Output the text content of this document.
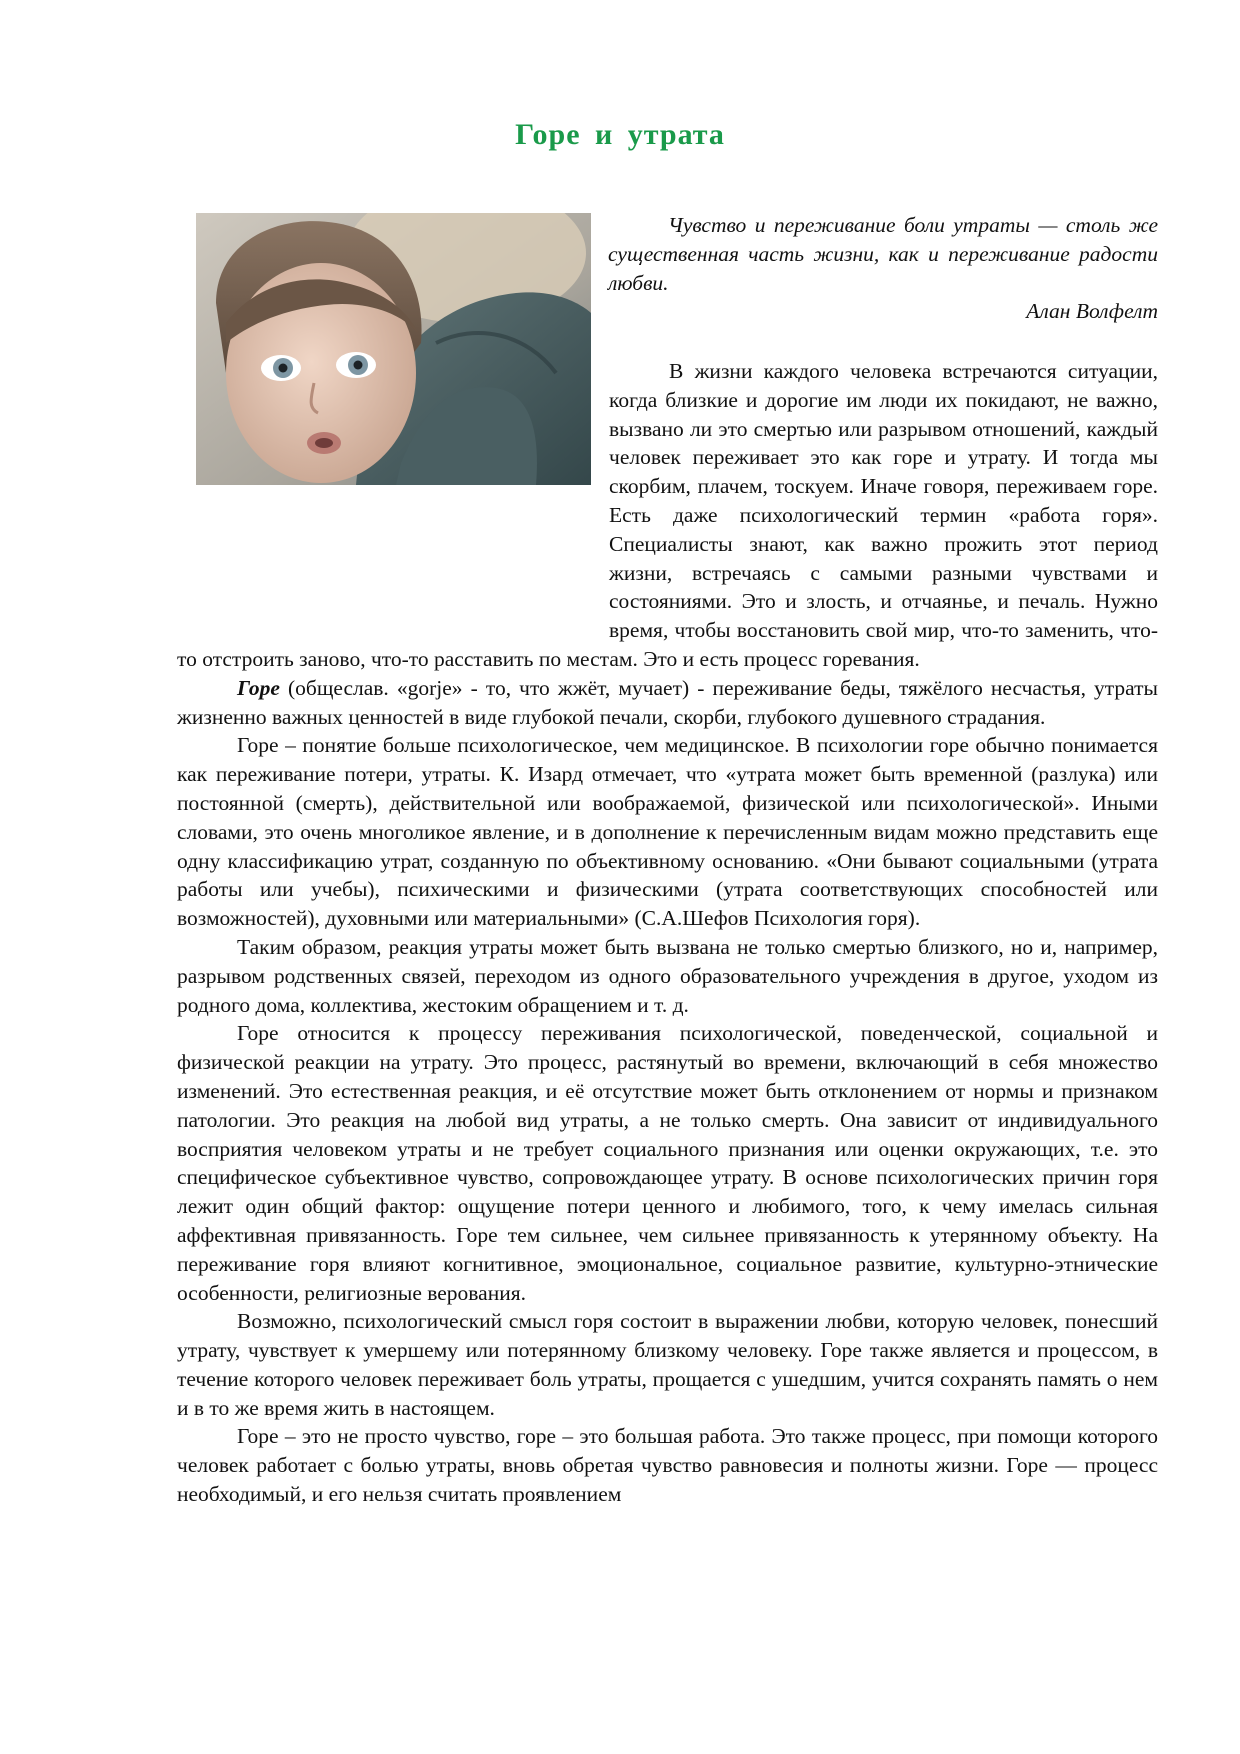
Горе и утрата
Чувство и переживание боли утраты — столь же существенная часть жизни, как и переживание радости любви.
Алан Волфелт

В жизни каждого человека встречаются ситуации, когда близкие и дорогие им люди их покидают, не важно, вызвано ли это смертью или разрывом отношений, каждый человек переживает это как горе и утрату. И тогда мы скорбим, плачем, тоскуем. Иначе говоря, переживаем горе. Есть даже психологический термин «работа горя». Специалисты знают, как важно прожить этот период жизни, встречаясь с самыми разными чувствами и состояниями. Это и злость, и отчаянье, и печаль. Нужно время, чтобы восстановить свой мир, что-то заменить, что-то отстроить заново, что-то расставить по местам. Это и есть процесс горевания.

Горе (общеслав. «gorje» - то, что жжёт, мучает) - переживание беды, тяжёлого несчастья, утраты жизненно важных ценностей в виде глубокой печали, скорби, глубокого душевного страдания.

Горе – понятие больше психологическое, чем медицинское. В психологии горе обычно понимается как переживание потери, утраты. К. Изард отмечает, что «утрата может быть временной (разлука) или постоянной (смерть), действительной или воображаемой, физической или психологической». Иными словами, это очень многоликое явление, и в дополнение к перечисленным видам можно представить еще одну классификацию утрат, созданную по объективному основанию. «Они бывают социальными (утрата работы или учебы), психическими и физическими (утрата соответствующих способностей или возможностей), духовными или материальными» (С.А.Шефов Психология горя).

Таким образом, реакция утраты может быть вызвана не только смертью близкого, но и, например, разрывом родственных связей, переходом из одного образовательного учреждения в другое, уходом из родного дома, коллектива, жестоким обращением и т. д.

Горе относится к процессу переживания психологической, поведенческой, социальной и физической реакции на утрату. Это процесс, растянутый во времени, включающий в себя множество изменений. Это естественная реакция, и её отсутствие может быть отклонением от нормы и признаком патологии. Это реакция на любой вид утраты, а не только смерть. Она зависит от индивидуального восприятия человеком утраты и не требует социального признания или оценки окружающих, т.е. это специфическое субъективное чувство, сопровождающее утрату. В основе психологических причин горя лежит один общий фактор: ощущение потери ценного и любимого, того, к чему имелась сильная аффективная привязанность. Горе тем сильнее, чем сильнее привязанность к утерянному объекту. На переживание горя влияют когнитивное, эмоциональное, социальное развитие, культурно-этнические особенности, религиозные верования.

Возможно, психологический смысл горя состоит в выражении любви, которую человек, понесший утрату, чувствует к умершему или потерянному близкому человеку. Горе также является и процессом, в течение которого человек переживает боль утраты, прощается с ушедшим, учится сохранять память о нем и в то же время жить в настоящем.

Горе – это не просто чувство, горе – это большая работа. Это также процесс, при помощи которого человек работает с болью утраты, вновь обретая чувство равновесия и полноты жизни. Горе — процесс необходимый, и его нельзя считать проявлением
